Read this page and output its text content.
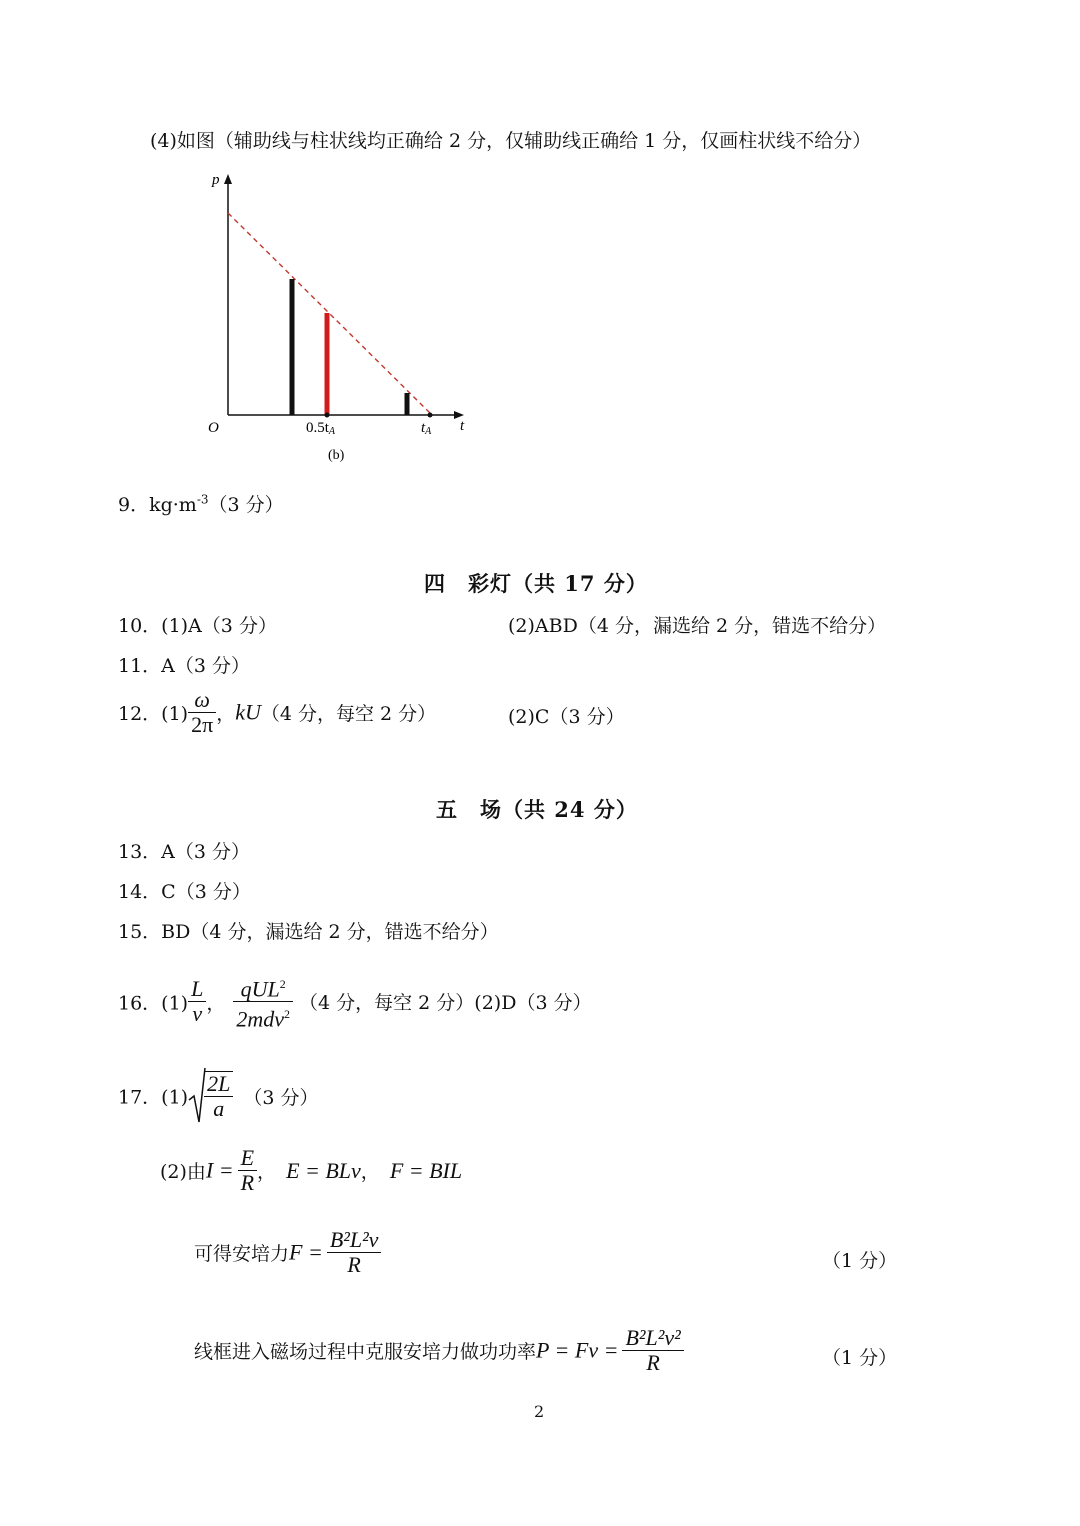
(4)如图（辅助线与柱状线均正确给 2 分，仅辅助线正确给 1 分，仅画柱状线不给分）
p
t
O	0.5tA	tA
(b)
9．$kg\cdot m^{-3}(3$ 分）
四　彩灯（共 17 分）
10．(1)A（3 分）	(2)ABD（4 分，漏选给 2 分，错选不给分）
11．A（3 分）
12．$(1) \frac{\omega}{2\pi}$ ，kU（4 分，每空 2 分）	(2)C（3 分）
五　场（共 24 分）
13．A（3 分）
14．C（3 分）
15．BD（4 分，漏选给 2 分，错选不给分）
16．$(1) \frac{L}{v}$ ， $\frac{qUL^2}{2mdv^2} (4$ 分，每空 2 分）(2)D（3 分）
17．$(1) \frac{2L}{a} (3$ 分）
(2)由$I = \frac{E}{R}$ ， E = BLv， F = BIL
可得安培力$F = \frac{\text{B²L²v}}{R}$	（1 分）
线框进入磁场过程中克服安培力做功功率$P = Fv = \frac{\text{B²L²v²}}{R}$	（1 分）
2
